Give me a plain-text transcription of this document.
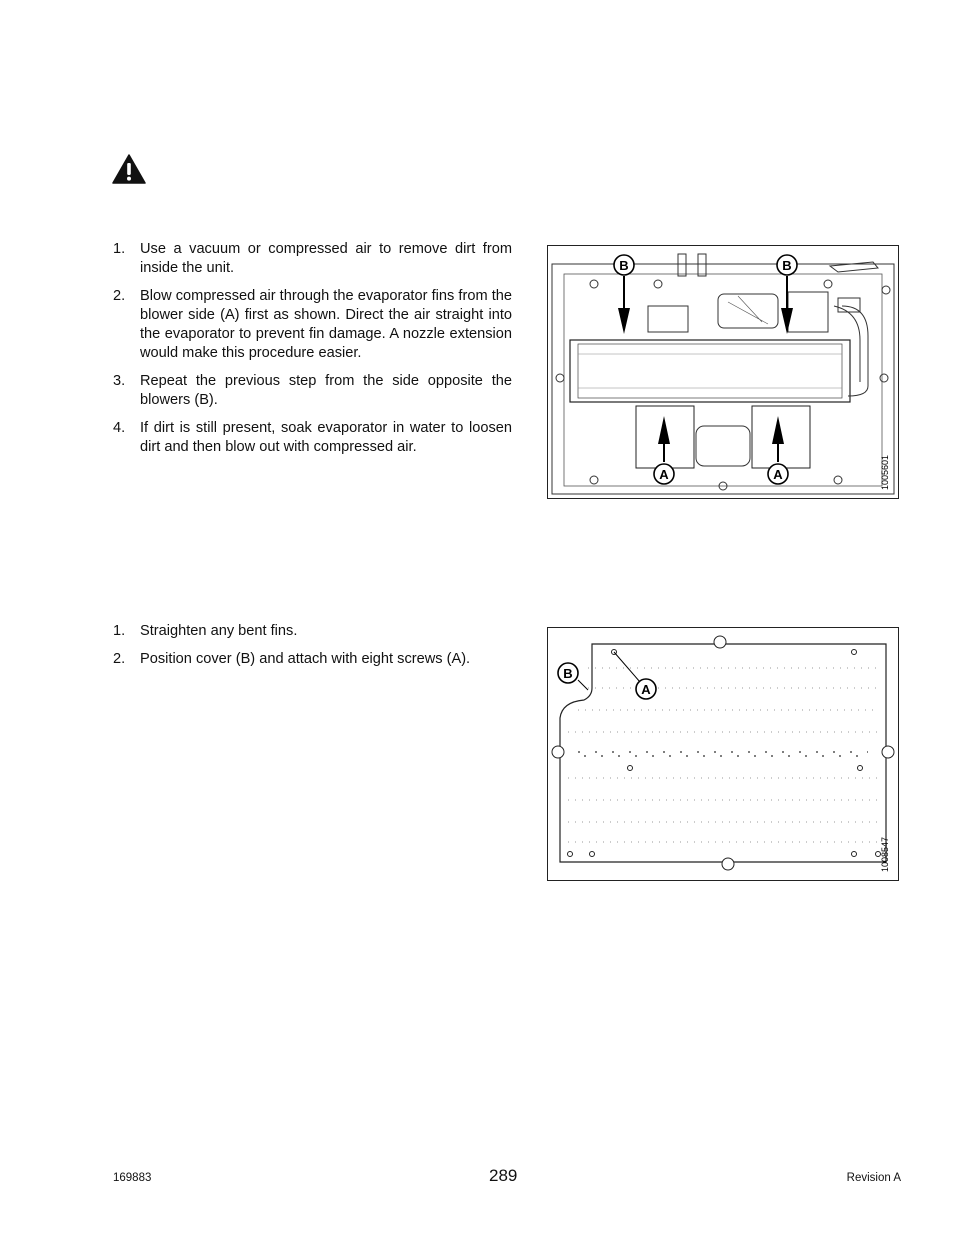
1.	Use a vacuum or compressed air to remove dirt from inside the unit.
2.	Blow compressed air through the evaporator fins from the blower side (A) first as shown. Direct the air straight into the evaporator to prevent fin damage. A nozzle extension would make this procedure easier.
3.	Repeat the previous step from the side opposite the blowers (B).
4.	If dirt is still present, soak evaporator in water to loosen dirt and then blow out with compressed air.
B	B
A	A	1005601
1.	Straighten any bent fins.
2.	Position cover (B) and attach with eight screws (A).
B
A
1008547
169883	289	Revision A
